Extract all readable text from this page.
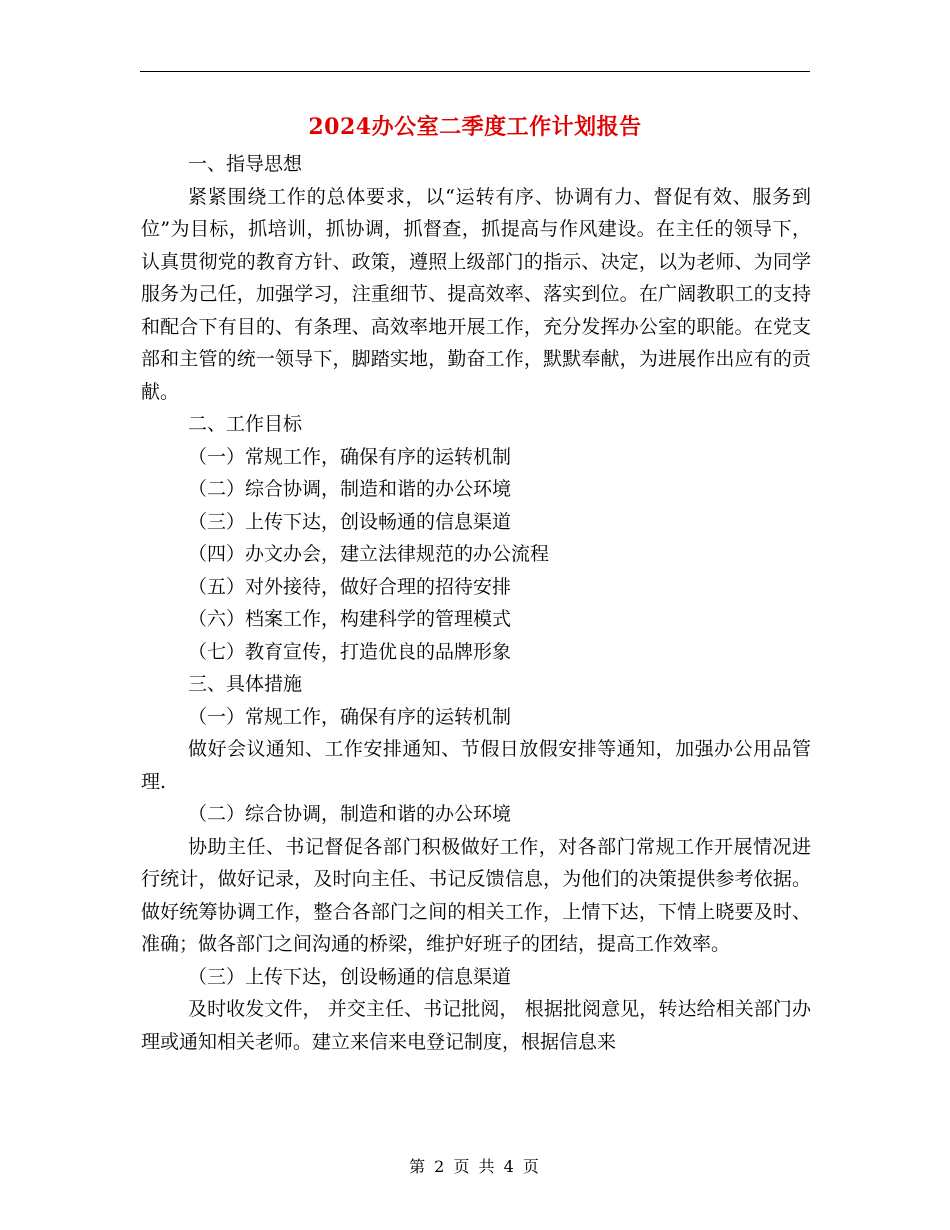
2024办公室二季度工作计划报告

一、指导思想

紧紧围绕工作的总体要求，以“运转有序、协调有力、督促有效、服务到位”为目标，抓培训，抓协调，抓督查，抓提高与作风建设。在主任的领导下，认真贯彻党的教育方针、政策，遵照上级部门的指示、决定，以为老师、为同学服务为己任，加强学习，注重细节、提高效率、落实到位。在广阔教职工的支持和配合下有目的、有条理、高效率地开展工作，充分发挥办公室的职能。在党支部和主管的统一领导下，脚踏实地，勤奋工作，默默奉献，为进展作出应有的贡献。

二、工作目标

（一）常规工作，确保有序的运转机制

（二）综合协调，制造和谐的办公环境

（三）上传下达，创设畅通的信息渠道

（四）办文办会，建立法律规范的办公流程

（五）对外接待，做好合理的招待安排

（六）档案工作，构建科学的管理模式

（七）教育宣传，打造优良的品牌形象

三、具体措施

（一）常规工作，确保有序的运转机制

做好会议通知、工作安排通知、节假日放假安排等通知，加强办公用品管理.

（二）综合协调，制造和谐的办公环境

协助主任、书记督促各部门积极做好工作，对各部门常规工作开展情况进行统计，做好记录，及时向主任、书记反馈信息，为他们的决策提供参考依据。做好统筹协调工作，整合各部门之间的相关工作，上情下达，下情上晓要及时、准确；做各部门之间沟通的桥梁，维护好班子的团结，提高工作效率。

（三）上传下达，创设畅通的信息渠道

及时收发文件， 并交主任、书记批阅， 根据批阅意见，转达给相关部门办理或通知相关老师。建立来信来电登记制度，根据信息来

第 2 页 共 4 页
